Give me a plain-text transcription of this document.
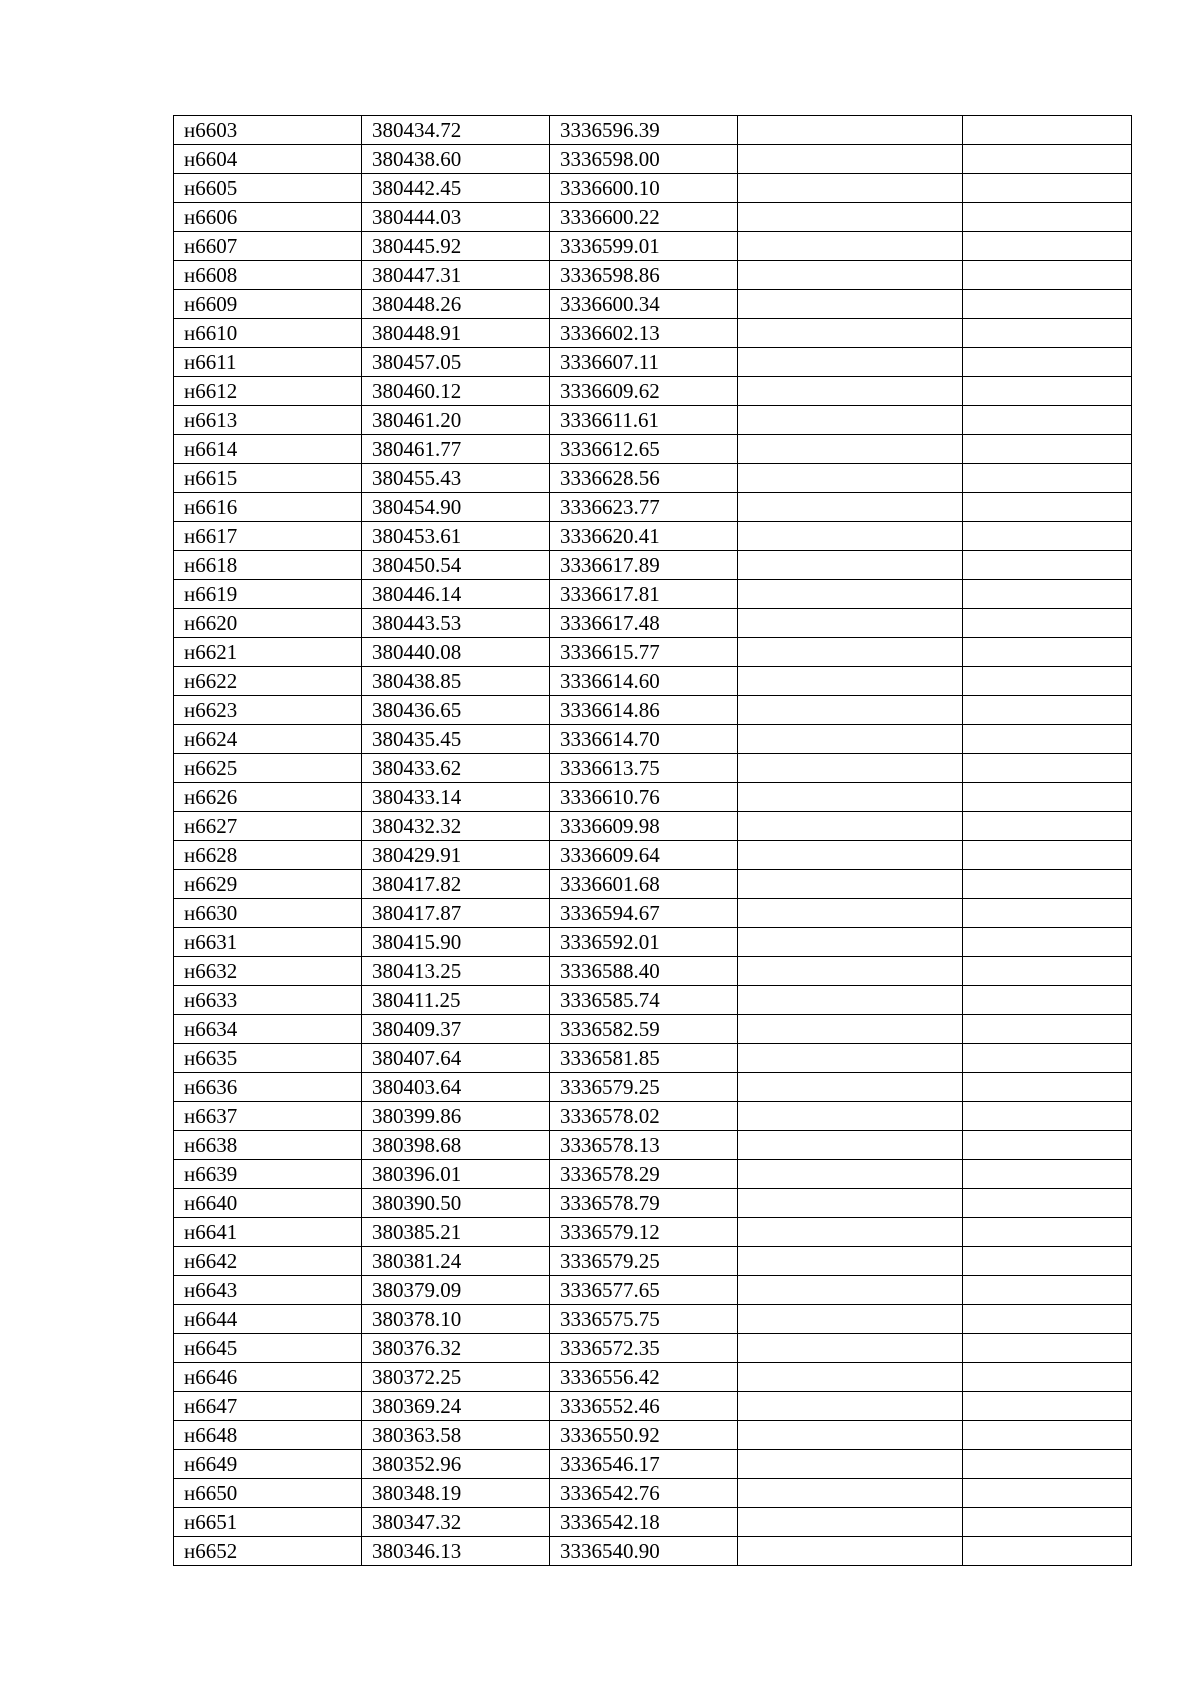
н6603	380434.72	3336596.39		
н6604	380438.60	3336598.00		
н6605	380442.45	3336600.10		
н6606	380444.03	3336600.22		
н6607	380445.92	3336599.01		
н6608	380447.31	3336598.86		
н6609	380448.26	3336600.34		
н6610	380448.91	3336602.13		
н6611	380457.05	3336607.11		
н6612	380460.12	3336609.62		
н6613	380461.20	3336611.61		
н6614	380461.77	3336612.65		
н6615	380455.43	3336628.56		
н6616	380454.90	3336623.77		
н6617	380453.61	3336620.41		
н6618	380450.54	3336617.89		
н6619	380446.14	3336617.81		
н6620	380443.53	3336617.48		
н6621	380440.08	3336615.77		
н6622	380438.85	3336614.60		
н6623	380436.65	3336614.86		
н6624	380435.45	3336614.70		
н6625	380433.62	3336613.75		
н6626	380433.14	3336610.76		
н6627	380432.32	3336609.98		
н6628	380429.91	3336609.64		
н6629	380417.82	3336601.68		
н6630	380417.87	3336594.67		
н6631	380415.90	3336592.01		
н6632	380413.25	3336588.40		
н6633	380411.25	3336585.74		
н6634	380409.37	3336582.59		
н6635	380407.64	3336581.85		
н6636	380403.64	3336579.25		
н6637	380399.86	3336578.02		
н6638	380398.68	3336578.13		
н6639	380396.01	3336578.29		
н6640	380390.50	3336578.79		
н6641	380385.21	3336579.12		
н6642	380381.24	3336579.25		
н6643	380379.09	3336577.65		
н6644	380378.10	3336575.75		
н6645	380376.32	3336572.35		
н6646	380372.25	3336556.42		
н6647	380369.24	3336552.46		
н6648	380363.58	3336550.92		
н6649	380352.96	3336546.17		
н6650	380348.19	3336542.76		
н6651	380347.32	3336542.18		
н6652	380346.13	3336540.90		
